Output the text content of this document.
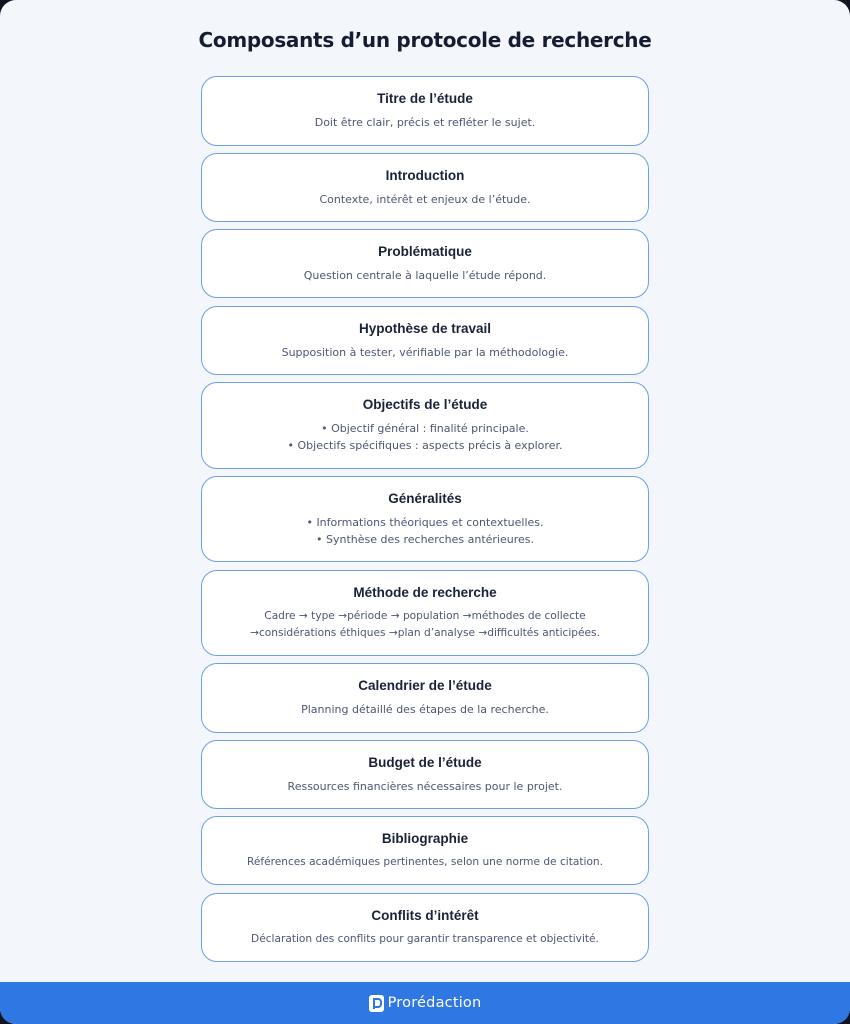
Composants d’un protocole de recherche
Titre de l’étude
Doit être clair, précis et refléter le sujet.
Introduction
Contexte, intérêt et enjeux de l’étude.
Problématique
Question centrale à laquelle l’étude répond.
Hypothèse de travail
Supposition à tester, vérifiable par la méthodologie.
Objectifs de l’étude
• Objectif général : finalité principale.
• Objectifs spécifiques : aspects précis à explorer.
Généralités
• Informations théoriques et contextuelles.
• Synthèse des recherches antérieures.
Méthode de recherche
Cadre → type →période → population →méthodes de collecte
→considérations éthiques →plan d’analyse →difficultés anticipées.
Calendrier de l’étude
Planning détaillé des étapes de la recherche.
Budget de l’étude
Ressources financières nécessaires pour le projet.
Bibliographie
Références académiques pertinentes, selon une norme de citation.
Conflits d’intérêt
Déclaration des conflits pour garantir transparence et objectivité.
Prorédaction
